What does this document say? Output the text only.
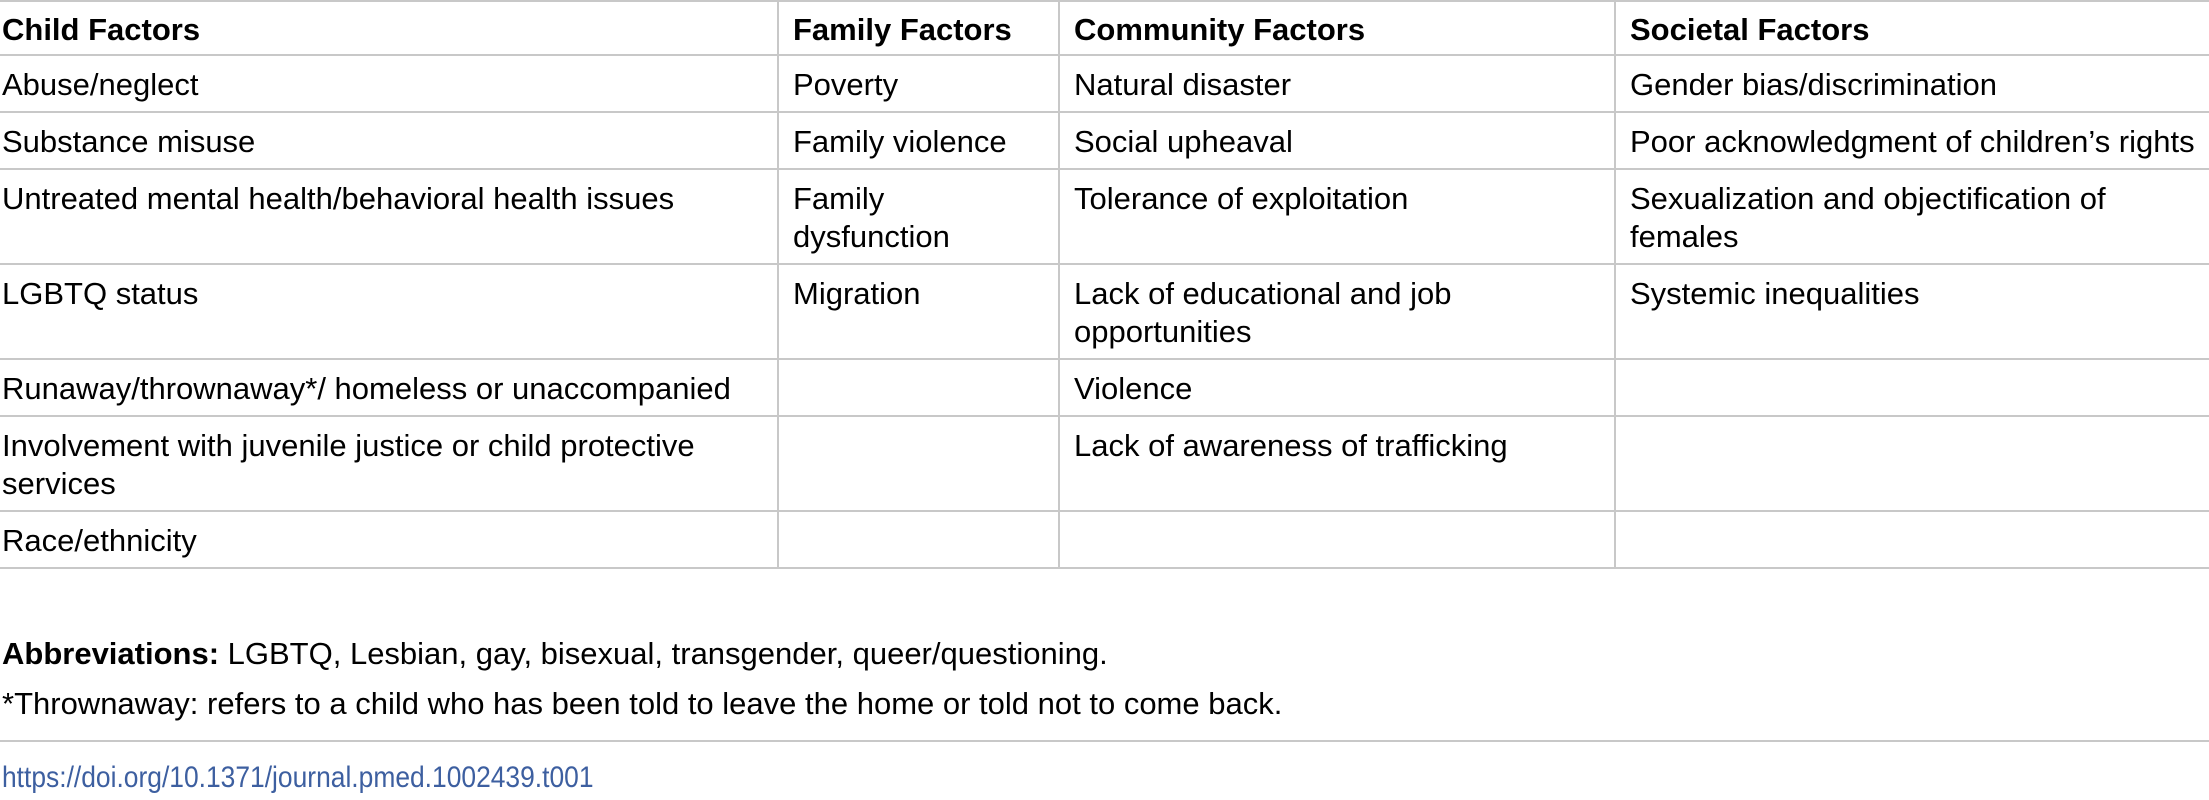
Child Factors	Family Factors	Community Factors	Societal Factors
Abuse/neglect	Poverty	Natural disaster	Gender bias/discrimination
Substance misuse	Family violence	Social upheaval	Poor acknowledgment of children’s rights
Untreated mental health/behavioral health issues	Family dysfunction	Tolerance of exploitation	Sexualization and objectification of females
LGBTQ status	Migration	Lack of educational and job opportunities	Systemic inequalities
Runaway/thrownaway*/ homeless or unaccompanied		Violence	
Involvement with juvenile justice or child protective services		Lack of awareness of trafficking	
Race/ethnicity			
Abbreviations: LGBTQ, Lesbian, gay, bisexual, transgender, queer/questioning.
*Thrownaway: refers to a child who has been told to leave the home or told not to come back.
https://doi.org/10.1371/journal.pmed.1002439.t001
